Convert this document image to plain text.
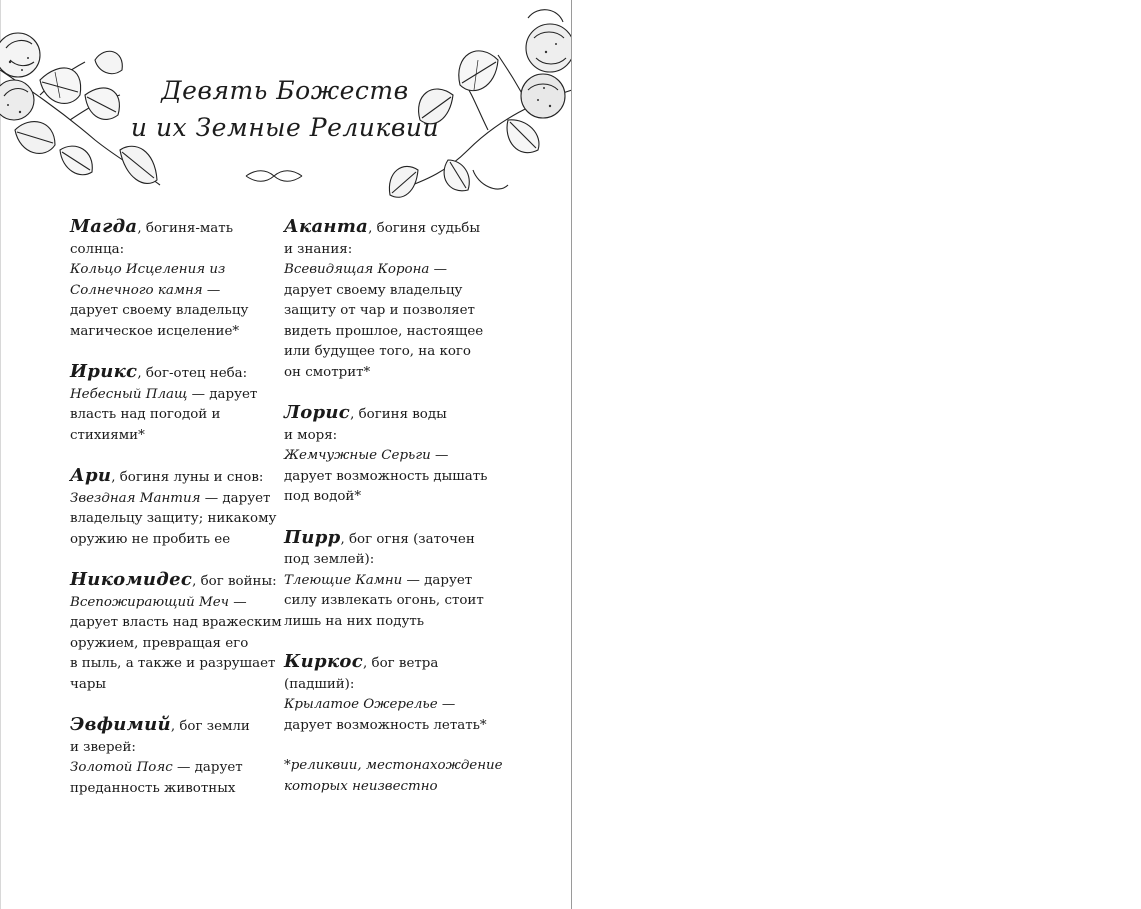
Девять Божеств
и их Земные Реликвии

Магда, богиня-мать
солнца:
Кольцо Исцеления из
Солнечного камня —
дарует своему владельцу
магическое исцеление*

Ирикс, бог-отец неба:
Небесный Плащ — дарует
власть над погодой и
стихиями*

Ари, богиня луны и снов:
Звездная Мантия — дарует
владельцу защиту; никакому
оружию не пробить ее

Никомидес, бог войны:
Всепожирающий Меч —
дарует власть над вражеским
оружием, превращая его
в пыль, а также и разрушает
чары

Эвфимий, бог земли
и зверей:
Золотой Пояс — дарует
преданность животных

Аканта, богиня судьбы
и знания:
Всевидящая Корона —
дарует своему владельцу
защиту от чар и позволяет
видеть прошлое, настоящее
или будущее того, на кого
он смотрит*

Лорис, богиня воды
и моря:
Жемчужные Серьги —
дарует возможность дышать
под водой*

Пирр, бог огня (заточен
под землей):
Тлеющие Камни — дарует
силу извлекать огонь, стоит
лишь на них подуть

Киркос, бог ветра
(падший):
Крылатое Ожерелье —
дарует возможность летать*

*реликвии, местонахождение
которых неизвестно
